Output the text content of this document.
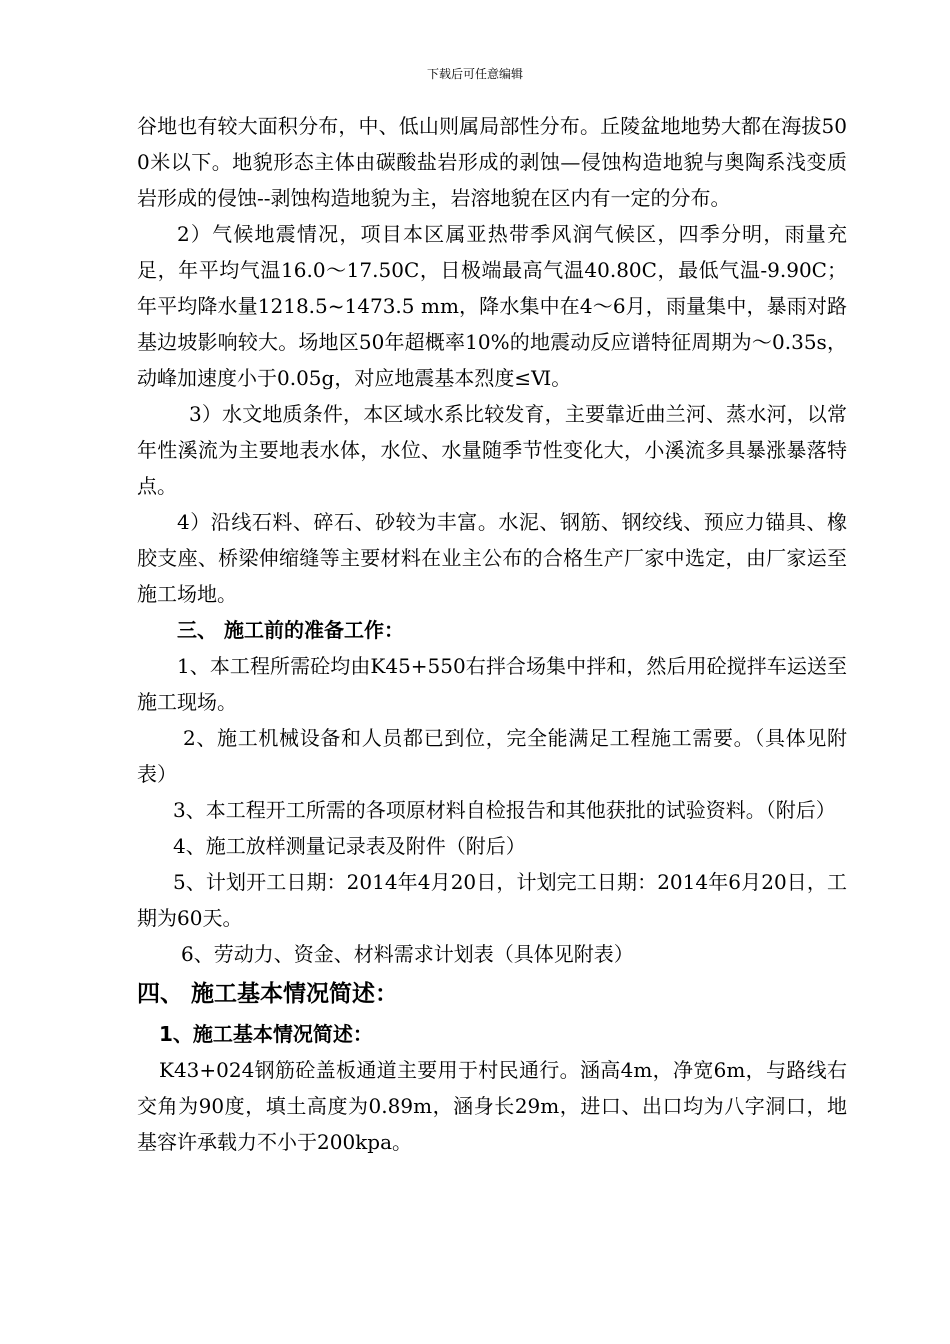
下载后可任意编辑

谷地也有较大面积分布，中、低山则属局部性分布。丘陵盆地地势大都在海拔500米以下。地貌形态主体由碳酸盐岩形成的剥蚀—侵蚀构造地貌与奥陶系浅变质岩形成的侵蚀--剥蚀构造地貌为主，岩溶地貌在区内有一定的分布。

2）气候地震情况，项目本区属亚热带季风润气候区，四季分明，雨量充足，年平均气温16.0～17.50C，日极端最高气温40.80C，最低气温-9.90C；年平均降水量1218.5~1473.5 mm，降水集中在4～6月，雨量集中，暴雨对路基边坡影响较大。场地区50年超概率10%的地震动反应谱特征周期为～0.35s，动峰加速度小于0.05g，对应地震基本烈度≤Ⅵ。

3）水文地质条件，本区域水系比较发育，主要靠近曲兰河、蒸水河，以常年性溪流为主要地表水体，水位、水量随季节性变化大，小溪流多具暴涨暴落特点。

4）沿线石料、碎石、砂较为丰富。水泥、钢筋、钢绞线、预应力锚具、橡胶支座、桥梁伸缩缝等主要材料在业主公布的合格生产厂家中选定，由厂家运至施工场地。

三、 施工前的准备工作：

1、本工程所需砼均由K45+550右拌合场集中拌和，然后用砼搅拌车运送至施工现场。

2、施工机械设备和人员都已到位，完全能满足工程施工需要。（具体见附表）

3、本工程开工所需的各项原材料自检报告和其他获批的试验资料。（附后）

4、施工放样测量记录表及附件（附后）

5、计划开工日期：2014年4月20日，计划完工日期：2014年6月20日，工期为60天。

6、劳动力、资金、材料需求计划表（具体见附表）

四、 施工基本情况简述：

1、施工基本情况简述：

K43+024钢筋砼盖板通道主要用于村民通行。涵高4m，净宽6m，与路线右交角为90度，填土高度为0.89m，涵身长29m，进口、出口均为八字洞口，地基容许承载力不小于200kpa。
